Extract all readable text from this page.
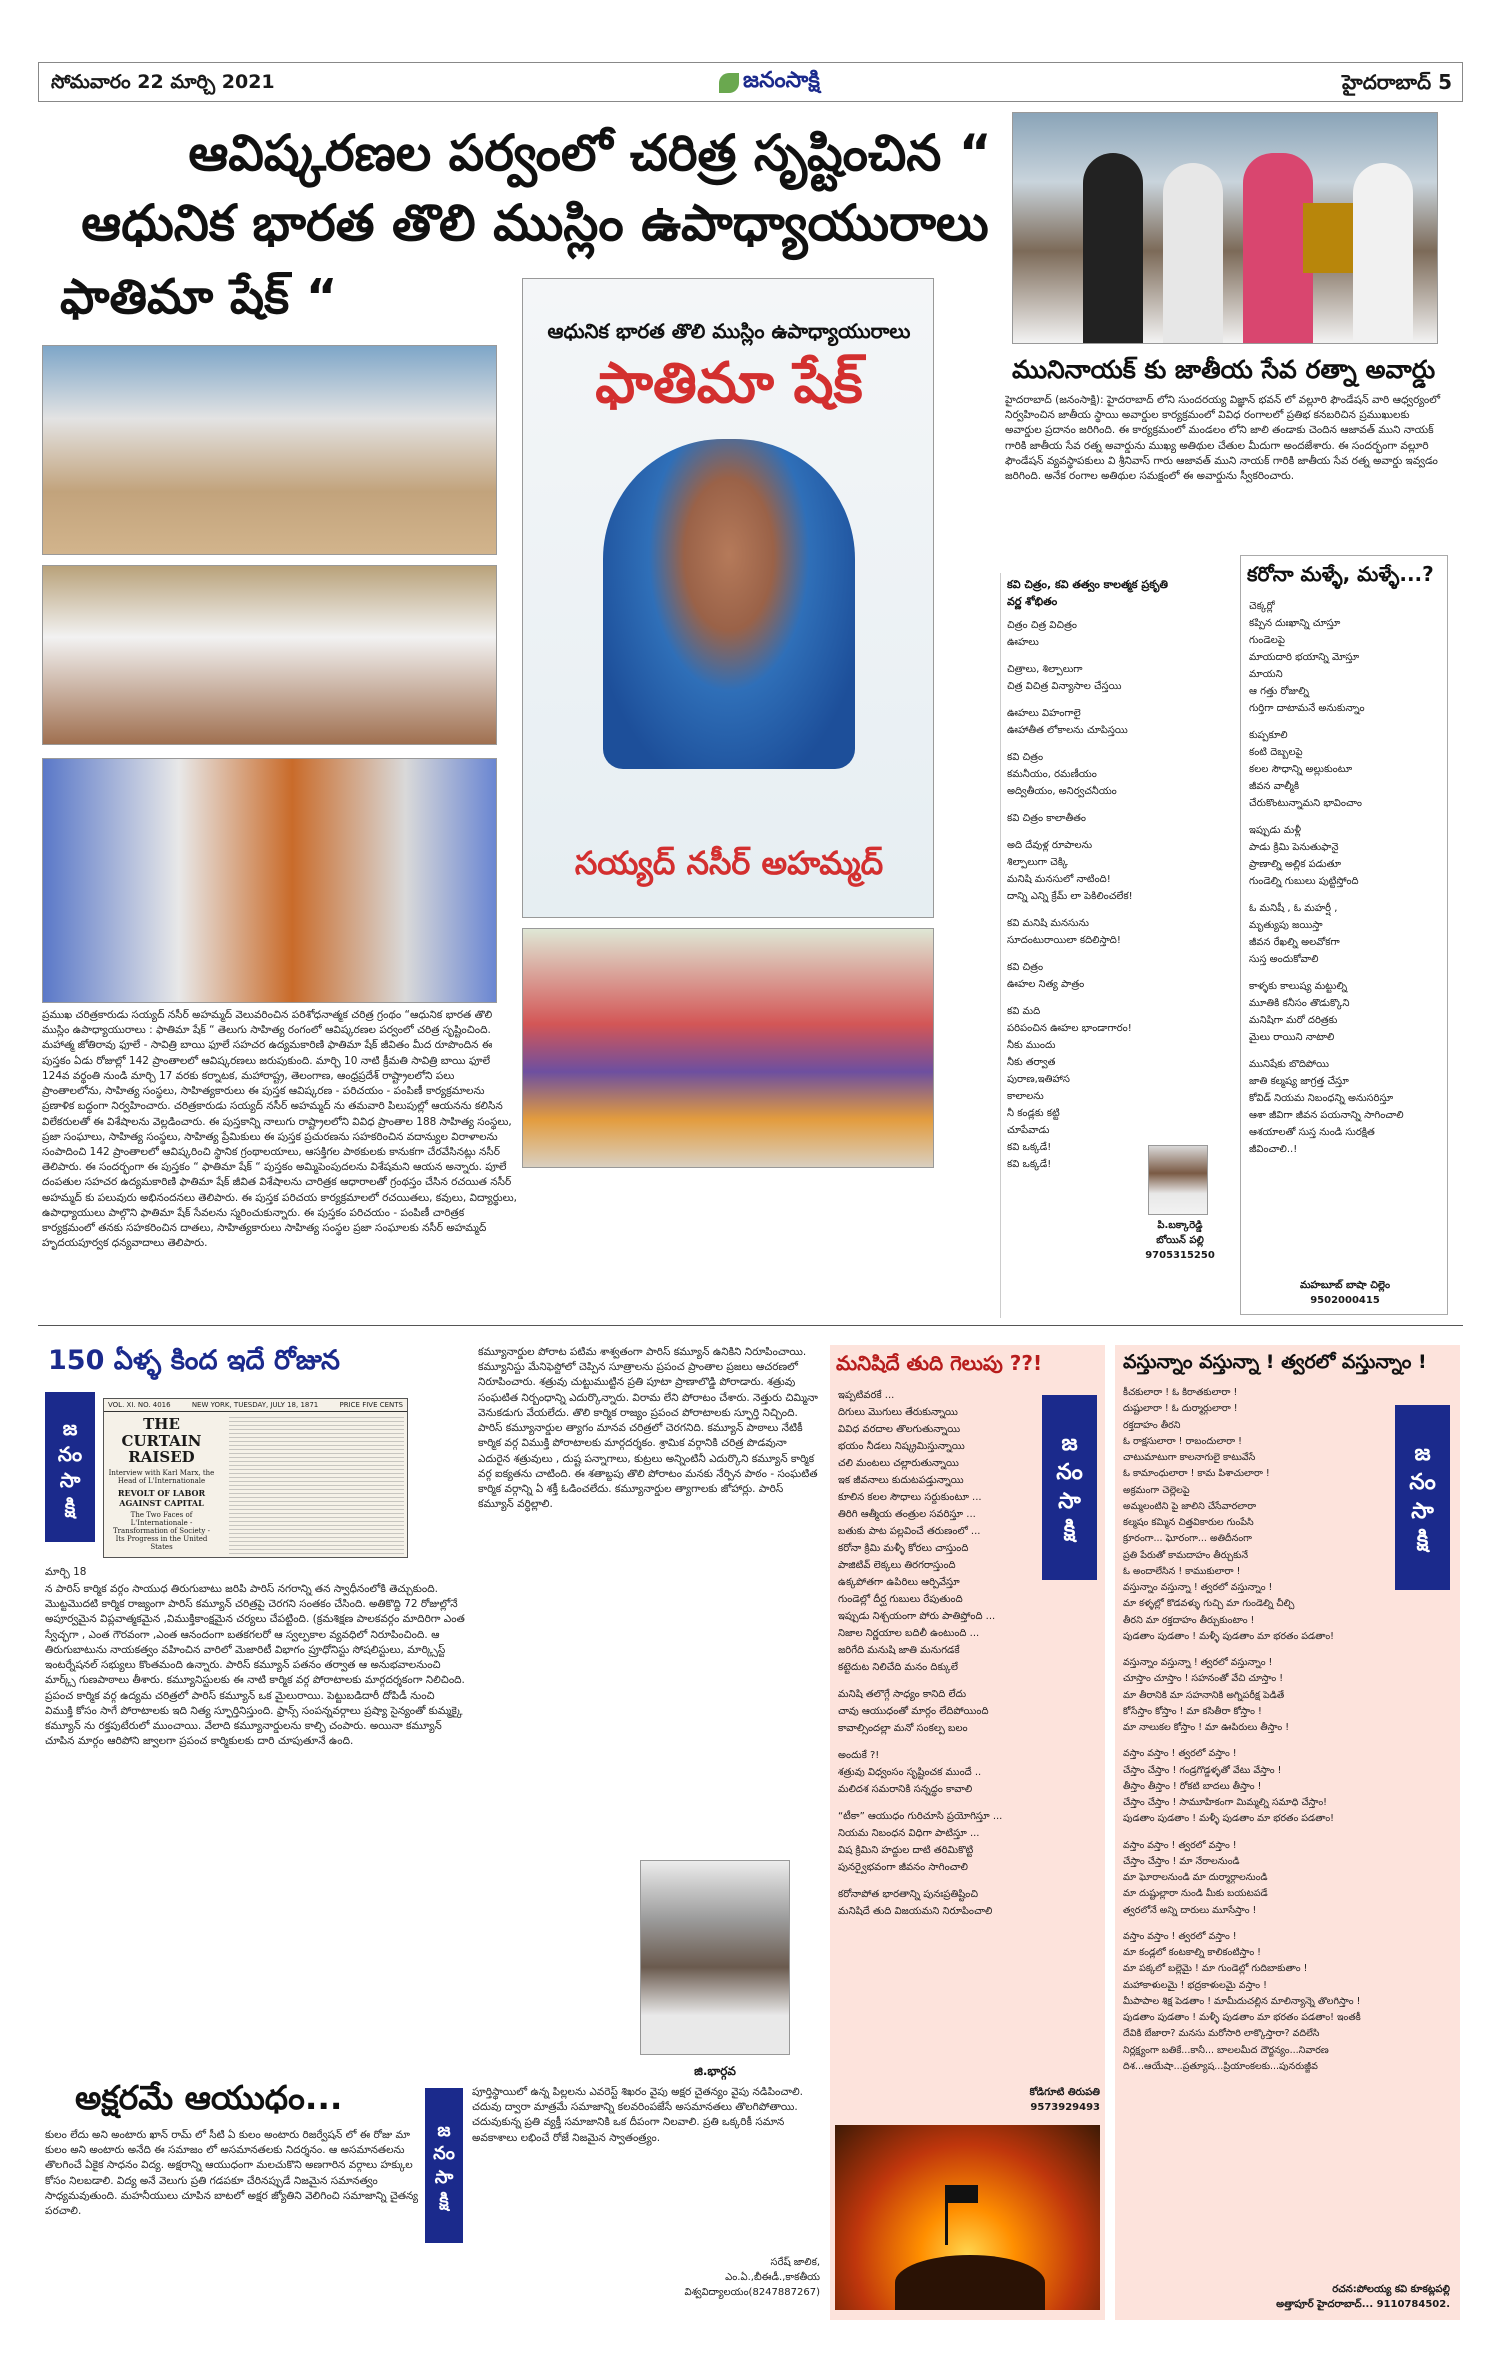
సోమవారం 22 మార్చి 2021	జనంసాక్షి	హైదరాబాద్ 5
ఆవిష్కరణల పర్వంలో చరిత్ర సృష్టించిన “
ఆధునిక భారత తొలి ముస్లిం ఉపాధ్యాయురాలు
ఫాతిమా షేక్ “
మునినాయక్ కు జాతీయ సేవ రత్నా అవార్డు
హైదరాబాద్ (జనంసాక్షి): హైదరాబాద్ లోని సుందరయ్య విజ్ఞాన్ భవన్ లో వల్లూరి ఫౌండేషన్ వారి ఆధ్వర్యంలో నిర్వహించిన జాతీయ స్థాయి అవార్డుల కార్యక్రమంలో వివిధ రంగాలలో ప్రతిభ కనబరిచిన ప్రముఖులకు అవార్డుల ప్రదానం జరిగింది. ఈ కార్యక్రమంలో మండలం లోని జాలి తండాకు చెందిన ఆజావత్ ముని నాయక్ గారికి జాతీయ సేవ రత్న అవార్డును ముఖ్య అతిథుల చేతుల మీదుగా అందజేశారు. ఈ సందర్భంగా వల్లూరి ఫౌండేషన్ వ్యవస్థాపకులు వి శ్రీనివాస్ గారు ఆజావత్ ముని నాయక్ గారికి జాతీయ సేవ రత్న అవార్డు ఇవ్వడం జరిగింది. అనేక రంగాల అతిథుల సమక్షంలో ఈ అవార్డును స్వీకరించారు.
ఆధునిక భారత తొలి ముస్లిం ఉపాధ్యాయురాలు
ఫాతిమా షేక్
సయ్యద్ నసీర్ అహమ్మద్
ప్రముఖ చరిత్రకారుడు సయ్యద్ నసీర్ అహమ్మద్ వెలువరించిన పరిశోధనాత్మక చరిత్ర గ్రంథం “ఆధునిక భారత తొలి ముస్లిం ఉపాధ్యాయురాలు : ఫాతిమా షేక్ “ తెలుగు సాహిత్య రంగంలో ఆవిష్కరణల పర్వంలో చరిత్ర సృష్టించింది. మహాత్మ జోతిరావు ఫూలే - సావిత్రి బాయి ఫూలే సహచర ఉద్యమకారిణి ఫాతిమా షేక్ జీవితం మీద రూపొందిన ఈ పుస్తకం ఏడు రోజుల్లో 142 ప్రాంతాలలో ఆవిష్కరణలు జరుపుకుంది. మార్చి 10 నాటి క్రీమతి సావిత్రి బాయి ఫూలే 124వ వర్థంతి నుండి మార్చి 17 వరకు కర్నాటక, మహారాష్ట్ర, తెలంగాణ, ఆంధ్రప్రదేశ్ రాష్ట్రాలలోని పలు ప్రాంతాలలోను, సాహిత్య సంస్థలు, సాహిత్యకారులు ఈ పుస్తక ఆవిష్కరణ - పరిచయం - పంపిణీ కార్యక్రమాలను ప్రణాళిక బద్ధంగా నిర్వహించారు. చరిత్రకారుడు సయ్యద్ నసీర్ అహమ్మద్ ను తమవారి పిలుపుల్లో ఆయనను కలిసిన విలేకరులతో ఈ విశేషాలను వెల్లడించారు. ఈ పుస్తకాన్ని నాలుగు రాష్ట్రాలలోని వివిధ ప్రాంతాల 188 సాహిత్య సంస్థలు, ప్రజా సంఘాలు, సాహిత్య సంస్థలు, సాహిత్య ప్రేమికులు ఈ పుస్తక ప్రచురణను సహకరించిన వదాన్యుల విరాళాలను సంపాదించి 142 ప్రాంతాలలో ఆవిష్కరించి స్థానిక గ్రంథాలయాలు, ఆసక్తిగల పాఠకులకు కానుకగా చేరవేసినట్లు నసీర్ తెలిపారు. ఈ సందర్భంగా ఈ పుస్తకం “ ఫాతిమా షేక్ “ పుస్తకం అమ్మిపెంపుదలను విశేషమని ఆయన అన్నారు. పూలే దంపతుల సహచర ఉద్యమకారిణి ఫాతిమా షేక్ జీవిత విశేషాలను చారిత్రక ఆధారాలతో గ్రంథస్తం చేసిన రచయిత నసీర్ అహమ్మద్ కు పలువురు అభినందనలు తెలిపారు. ఈ పుస్తక పరిచయ కార్యక్రమాలలో రచయితలు, కవులు, విద్యార్థులు, ఉపాధ్యాయులు పాల్గొని ఫాతిమా షేక్ సేవలను స్మరించుకున్నారు. ఈ పుస్తకం పరిచయం - పంపిణీ చారిత్రక కార్యక్రమంలో తనకు సహకరించిన దాతలు, సాహిత్యకారులు సాహిత్య సంస్థల ప్రజా సంఘాలకు నసీర్ అహమ్మద్ హృదయపూర్వక ధన్యవాదాలు తెలిపారు.
కవి చిత్రం, కవి తత్వం కాలత్మక ప్రకృతి వర్ణ శోభితం

చిత్రం చిత్ర విచిత్రం

ఊహలు

చిత్రాలు, శిల్పాలుగా

చిత్ర విచిత్ర విన్యాసాల చేస్తయి

ఊహలు విహంగాలై

ఊహాతీత లోకాలను చూపిస్తయి

కవి చిత్రం

కమనీయం, రమణీయం

అద్వితీయం, అనిర్వచనీయం

కవి చిత్రం కాలాతీతం

అది దేవుళ్ల రూపాలను

శిల్పాలుగా చెక్కి

మనిషి మనసులో నాటింది!

దాన్ని ఎన్ని క్రేమ్ లా పెకిలించలేక!

కవి మనిషి మనసును

సూదంటురాయిలా కదిలిస్తాది!

కవి చిత్రం

ఊహల నిత్య పాత్రం

కవి మది

పరిపంచిన ఊహల భాండాగారం!

నీకు ముందు

నీకు తర్వాత

పురాణ,ఇతిహాస

కాలాలను

నీ కండ్లకు కట్టి

చూపేవాడు

కవి ఒక్కడే!

కవి ఒక్కడే!

పి.బక్కారెడ్డి
బోయిన్ పల్లి
9705315250
కరోనా మళ్ళే, మళ్ళే...?

చెక్కర్లో

కప్పిన దుఃఖాన్ని చూస్తూ

గుండెలపై

మాయదారి భయాన్ని మోస్తూ

మాయని

ఆ గత్తు రోజుల్ని

గుర్తిగా దాటామనే అనుకున్నాం

కుప్పకూలి

కంటి దెబ్బలపై

కలల సౌధాన్ని అల్లుకుంటూ

జీవన వాల్మీకి

చేరుకొంటున్నామని భావించాం

ఇప్పుడు మళ్లీ

పాడు క్రిమి పెనుతుఫానై

ప్రాణాల్ని అల్లిక పడుతూ

గుండెల్ని గుబులు పుట్టిస్తోంది

ఓ మనిషీ , ఓ మహర్షీ ,

మృత్యుపు జయిస్తా

జీవన రేఖల్ని అలవోకగా

సుస్త అందుకోవాలి

కాళ్ళకు కాలుష్య మట్టుల్ని

మూతికి కనీసం తొడుక్కొని

మనిషిగా మరో దరిత్రకు

మైలు రాయిని నాటాలి

మునిషేకు బొదిపోయి

జాతి కల్మష్య జాగ్రత్త చేస్తూ

కోవిడ్ నియమ నిబంధన్ని అనుసరిస్తూ

ఆశా జీవిగా జీవన పయనాన్ని సాగించాలి

ఆశయాలతో సుస్త నుండి సురక్షిత

జీవించాలి..!

మహబూబ్ బాషా చిల్లెం
9502000415
150 ఏళ్ళ కింద ఇదే రోజున
జ
నం
సా
క్షి
VOL. XI. NO. 4016	NEW YORK, TUESDAY, JULY 18, 1871	PRICE FIVE CENTS
THE CURTAIN RAISED
Interview with Karl Marx, the Head of L'Internationale
REVOLT OF LABOR AGAINST CAPITAL
The Two Faces of L'Internationale - Transformation of Society - Its Progress in the United States
మార్చి 18
న పారిస్ కార్మిక వర్గం సాయుధ తిరుగుబాటు జరిపి పారిస్ నగరాన్ని తన స్వాధీనంలోకి తెచ్చుకుంది. మొట్టమొదటి కార్మిక రాజ్యంగా పారిస్ కమ్యూన్ చరిత్రపై చెరగని సంతకం చేసింది. అతికొద్ది 72 రోజుల్లోనే అపూర్వమైన విప్లవాత్మకమైన ,విముక్తికాంక్షమైన చర్యలు చేపట్టింది. (క్రమశిక్షణ పాలకవర్గం మాదిరిగా ఎంత స్వేచ్ఛగా , ఎంత గౌరవంగా ,ఎంత ఆనందంగా బతకగలరో ఆ స్వల్పకాల వ్యవధిలో నిరూపించింది. ఆ తిరుగుబాటును నాయకత్వం వహించిన వారిలో మెజారిటీ విభాగం ప్రూధోనిస్టు సోషలిస్టులు, మార్క్సిస్ట్ ఇంటర్నేషనల్ సభ్యులు కొంతమంది ఉన్నారు. పారిస్ కమ్యూన్ పతనం తర్వాత ఆ అనుభవాలనుంచి మార్క్స్ గుణపాఠాలు తీశారు. కమ్యూనిస్టులకు ఈ నాటి కార్మిక వర్గ పోరాటాలకు మార్గదర్శకంగా నిలిచింది. ప్రపంచ కార్మిక వర్గ ఉద్యమ చరిత్రలో పారిస్ కమ్యూన్ ఒక మైలురాయి. పెట్టుబడిదారీ దోపిడీ నుంచి విముక్తి కోసం సాగే పోరాటాలకు ఇది నిత్య స్ఫూర్తినిస్తుంది. ఫ్రాన్స్ సంపన్నవర్గాలు ప్రష్యా సైన్యంతో కుమ్మక్కై కమ్యూన్ ను రక్తపుటేరులో ముంచాయి. వేలాది కమ్యూనార్డులను కాల్చి చంపారు. అయినా కమ్యూన్ చూపిన మార్గం ఆరిపోని జ్వాలగా ప్రపంచ కార్మికులకు దారి చూపుతూనే ఉంది.
కమ్యూనార్డుల పోరాట పటిమ శాశ్వతంగా పారిస్ కమ్యూన్ ఉనికిని నిరూపించాయి. కమ్యూనిస్టు మేనిఫెస్టోలో చెప్పిన సూత్రాలను ప్రపంచ ప్రాంతాల ప్రజలు ఆచరణలో నిరూపించారు. శత్రువు చుట్టుముట్టిన ప్రతి పూటా ప్రాణాలొడ్డి పోరాడారు. శత్రువు సంఘటిత నిర్బంధాన్ని ఎదుర్కొన్నారు. విరామ లేని పోరాటం చేశారు. నెత్తురు చిమ్మినా వెనుకడుగు వేయలేదు. తొలి కార్మిక రాజ్యం ప్రపంచ పోరాటాలకు స్ఫూర్తి నిచ్చింది. పారిస్ కమ్యూనార్డుల త్యాగం మానవ చరిత్రలో చెరగనిది. కమ్యూన్ పాఠాలు నేటికీ కార్మిక వర్గ విముక్తి పోరాటాలకు మార్గదర్శకం. శ్రామిక వర్గానికి చరిత్ర పొడవునా ఎదురైన శత్రువులు , దుష్ట పన్నాగాలు, కుట్రలు అన్నింటినీ ఎదుర్కొని కమ్యూన్ కార్మిక వర్గ ఐక్యతను చాటింది. ఈ శతాబ్దపు తొలి పోరాటం మనకు నేర్పిన పాఠం - సంఘటిత కార్మిక వర్గాన్ని ఏ శక్తీ ఓడించలేదు. కమ్యూనార్డుల త్యాగాలకు జోహార్లు. పారిస్ కమ్యూన్ వర్ధిల్లాలి.
జి.భార్గవ
అక్షరమే ఆయుధం...
కులం లేదు అని అంటారు ఖాన్ రామ్ లో సీటి ఏ కులం అంటారు రిజర్వేషన్ లో ఈ రోజు మా కులం అని అంటారు అనేది ఈ సమాజం లో అసమానతలకు నిదర్శనం. ఆ అసమానతలను తొలగించే ఏకైక సాధనం విద్య. అక్షరాన్ని ఆయుధంగా మలచుకొని అణగారిన వర్గాలు హక్కుల కోసం నిలబడాలి. విద్య అనే వెలుగు ప్రతి గడపకూ చేరినప్పుడే నిజమైన సమానత్వం సాధ్యమవుతుంది. మహనీయులు చూపిన బాటలో అక్షర జ్యోతిని వెలిగించి సమాజాన్ని చైతన్య పరచాలి.
జ
నం
సా
క్షి
పూర్తిస్థాయిలో ఉన్న పిల్లలను ఎవరెస్ట్ శిఖరం వైపు అక్షర చైతన్యం వైపు నడిపించాలి. చదువు ద్వారా మాత్రమే సమాజాన్ని కలవరింపజేసే అసమానతలు తొలగిపోతాయి. చదువుకున్న ప్రతి వ్యక్తీ సమాజానికి ఒక దీపంగా నిలవాలి. ప్రతి ఒక్కరికీ సమాన అవకాశాలు లభించే రోజే నిజమైన స్వాతంత్ర్యం.
సరేష్ జాలిక,
ఎం.ఏ.,బీఈడీ.,కాకతీయ
విశ్వవిద్యాలయం(8247887267)
మనిషిదే తుది గెలుపు ??!

ఇప్పటివరకే ...

దిగులు మొగులు తేరుకున్నాయి

వివిధ వరదాల తొలగుతున్నాయి

భయం నీడలు నిష్క్రమిస్తున్నాయి

చలి మంటలు చల్లారుతున్నాయి

ఇక జీవనాలు కుదుటపడ్తున్నాయి

కూలిన కలల సౌధాలు సర్దుకుంటూ ...

తిరిగి ఆత్మీయ తంత్రుల సవరిస్తూ ...

బతుకు పాట పల్లవించే తరుణంలో ...

కరోనా క్రిమి మళ్ళీ కోరలు చాస్తుంది

పాజిటివ్ లెక్కలు తిరగరాస్తుంది

ఉక్కపోతగా ఉపిరిలు ఆర్పివేస్తూ

గుండెల్లో దీర్ఘ గుబులు రేపుతుంది

ఇప్పుడు నిశ్చయంగా పోరు పాతిప్తోంది ...

నిజాల నిర్ణయాల బదిలీ ఉంటుంది ...

జరిగేది మనుషి జాతి మనుగడకే

కట్టెదుట నిలిచేది మనం దిక్కులే

మనిషి తలొగ్గే సాధ్యం కానిది లేదు

చావు ఆయుధంతో మార్గం లేదిపోయింది

కావాల్సిందల్లా మనో సంకల్ప బలం

అందుకే ?!

శత్రువు విధ్వంసం సృష్టించక ముందే ..

మలిదశ సమరానికి సన్నద్ధం కావాలి

“టీకా” ఆయుధం గురిచూసి ప్రయోగిస్తూ ...

నియమ నిబంధన విధిగా పాటిస్తూ ...

విష క్రిమిని హద్దుల దాటి తరిమికొట్టి

పునర్వైభవంగా జీవనం సాగించాలి

కరోనాపోత భారతాన్ని పునఃప్రతిష్టించి

మనిషిదే తుది విజయమని నిరూపించాలి

జ
నం
సా
క్షి
కోడిగూటి తిరుపతి
9573929493
వస్తున్నాం వస్తున్నా ! త్వరలో వస్తున్నాం !

కీచకులారా ! ఓ కిరాతకులారా !

దుష్టులారా ! ఓ దుర్మార్గులారా !

రక్తదాహం తీరని

ఓ రాక్షసులారా ! రాబందులారా !

చాటుమాటుగా కాలనాగులై కాటువేసే

ఓ కామాంధులారా ! కామ పిశాచులారా !

అక్రమంగా చెల్లెలపై

అమ్మలంటిని పై జాలిని చేసేవారలారా

కల్మషం కమ్మిన చిత్తవికారుల గుంపేసి

క్రూరంగా... ఘోరంగా... అతిదీనంగా

ప్రతి పేరుతో కామదాహం తీర్చుకునే

ఓ అందాలేసిన ! కాముకులారా !

వస్తున్నాం వస్తున్నా ! త్వరలో వస్తున్నాం !

మా కళ్ళల్లో కొడవళ్ళు గుచ్చి మా గుండెల్ని చీల్చి

తీరని మా రక్తదాహం తీర్చుకుంటాం !

పుడతాం పుడతాం ! మళ్ళీ పుడతాం మా భరతం పడతాం!

వస్తున్నాం వస్తున్నా ! త్వరలో వస్తున్నాం !

చూస్తాం చూస్తాం ! సహనంతో వేచి చూస్తాం !

మా తీరానికి మా సహనానికి అగ్నిపరీక్ష పెడితే

కోసేస్తాం కోస్తాం ! మా కసితీరా కోస్తాం !

మా నాలుకల కోస్తాం ! మా ఊపిరులు తీస్తాం !

వస్తాం వస్తాం ! త్వరలో వస్తాం !

చేస్తాం చేస్తాం ! గండ్రగొడ్డళ్ళతో వేటు వేస్తాం !

తీస్తాం తీస్తాం ! రోకటి బాదలు తీస్తాం !

చేస్తాం చేస్తాం ! సామూహికంగా మిమ్మల్ని సమాధి చేస్తాం!

పుడతాం పుడతాం ! మళ్ళీ పుడతాం మా భరతం పడతాం!

వస్తాం వస్తాం ! త్వరలో వస్తాం !

చేస్తాం చేస్తాం ! మా నేరాలనుండి

మా ఘోరాలనుండి మా దుర్మార్గాలనుండి

మా దుష్టుల్లారా నుండి మీకు బయటపడే

త్వరలోనే అన్ని దారులు మూసేస్తాం !

వస్తాం వస్తాం ! త్వరలో వస్తాం !

మా కండ్లలో కంటకాల్ని కాలికంటిస్తాం !

మా పక్కలో బల్లెమై ! మా గుండెల్లో గుదిబాకుతాం !

మహాకాళులమై ! భద్రకాళులమై వస్తాం !

మీపాపాల శిక్ష పెడతాం ! మామీదుచల్లిన మాలిన్యాన్నె తొలగిస్తాం !

పుడతాం పుడతాం ! మళ్ళీ పుడతాం మా భరతం పడతాం! ఇంతకీ

దేవికి బేజారా? మనసు మరోసారి లాక్కొస్తారా? వదిలేసి

నిర్లక్ష్యంగా బతికే...కానీ... బాలలమీద దౌర్జన్యం...నివారణ

దిశ...ఆయేషా...ప్రత్యూష...ప్రియాంకలకు...పునరుజ్జీవ

జ
నం
సా
క్షి
రచన:పోలయ్య కవి కూకట్లపల్లి
అత్తాపూర్ హైదరాబాద్... 9110784502.
